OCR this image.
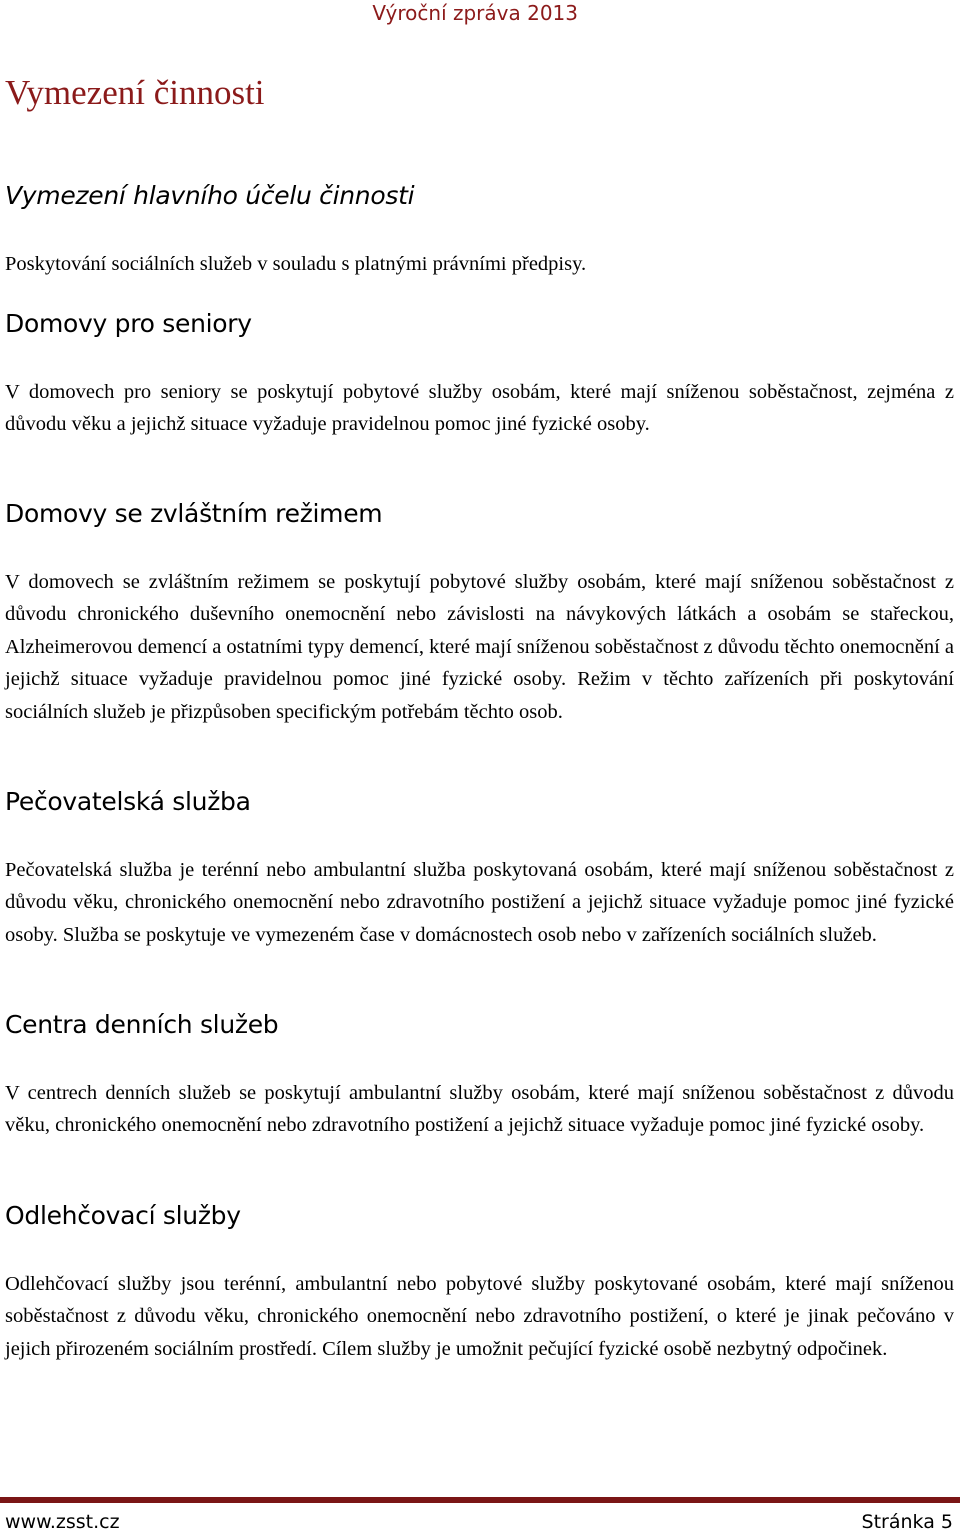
Výroční zpráva 2013
Vymezení činnosti
Vymezení hlavního účelu činnosti

Poskytování sociálních služeb v souladu s platnými právními předpisy.

Domovy pro seniory

V domovech pro seniory se poskytují pobytové služby osobám, které mají sníženou soběstačnost, zejména z důvodu věku a jejichž situace vyžaduje pravidelnou pomoc jiné fyzické osoby.

Domovy se zvláštním režimem

V domovech se zvláštním režimem se poskytují pobytové služby osobám, které mají sníženou soběstačnost z důvodu chronického duševního onemocnění nebo závislosti na návykových látkách a osobám se stařeckou, Alzheimerovou demencí a ostatními typy demencí, které mají sníženou soběstačnost z důvodu těchto onemocnění a jejichž situace vyžaduje pravidelnou pomoc jiné fyzické osoby. Režim v těchto zařízeních při poskytování sociálních služeb je přizpůsoben specifickým potřebám těchto osob.

Pečovatelská služba

Pečovatelská služba je terénní nebo ambulantní služba poskytovaná osobám, které mají sníženou soběstačnost z důvodu věku, chronického onemocnění nebo zdravotního postižení a jejichž situace vyžaduje pomoc jiné fyzické osoby. Služba se poskytuje ve vymezeném čase v domácnostech osob nebo v zařízeních sociálních služeb.

Centra denních služeb

V centrech denních služeb se poskytují ambulantní služby osobám, které mají sníženou soběstačnost z důvodu věku, chronického onemocnění nebo zdravotního postižení a jejichž situace vyžaduje pomoc jiné fyzické osoby.

Odlehčovací služby

Odlehčovací služby jsou terénní, ambulantní nebo pobytové služby poskytované osobám, které mají sníženou soběstačnost z důvodu věku, chronického onemocnění nebo zdravotního postižení, o které je jinak pečováno v jejich přirozeném sociálním prostředí. Cílem služby je umožnit pečující fyzické osobě nezbytný odpočinek.

www.zsst.cz	Stránka 5
